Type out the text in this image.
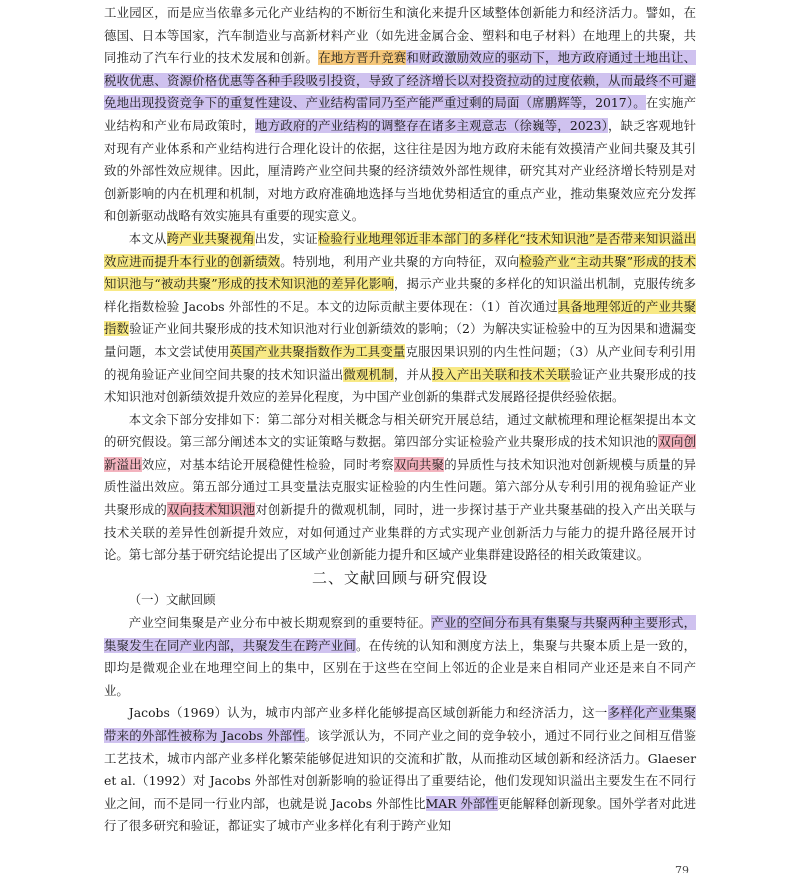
工业园区，而是应当依靠多元化产业结构的不断衍生和演化来提升区域整体创新能力和经济活力。譬如，在德国、日本等国家，汽车制造业与高新材料产业（如先进金属合金、塑料和电子材料）在地理上的共聚，共同推动了汽车行业的技术发展和创新。在地方晋升竞赛和财政激励效应的驱动下，地方政府通过土地出让、税收优惠、资源价格优惠等各种手段吸引投资，导致了经济增长以对投资拉动的过度依赖，从而最终不可避免地出现投资竞争下的重复性建设、产业结构雷同乃至产能严重过剩的局面（席鹏辉等，2017）。在实施产业结构和产业布局政策时，地方政府的产业结构的调整存在诸多主观意志（徐巍等，2023），缺乏客观地针对现有产业体系和产业结构进行合理化设计的依据，这往往是因为地方政府未能有效摸清产业间共聚及其引致的外部性效应规律。因此，厘清跨产业空间共聚的经济绩效外部性规律，研究其对产业经济增长特别是对创新影响的内在机理和机制，对地方政府准确地选择与当地优势相适宜的重点产业，推动集聚效应充分发挥和创新驱动战略有效实施具有重要的现实意义。

本文从跨产业共聚视角出发，实证检验行业地理邻近非本部门的多样化“技术知识池”是否带来知识溢出效应进而提升本行业的创新绩效。特别地，利用产业共聚的方向特征，双向检验产业“主动共聚”形成的技术知识池与“被动共聚”形成的技术知识池的差异化影响，揭示产业共聚的多样化的知识溢出机制，克服传统多样化指数检验 Jacobs 外部性的不足。本文的边际贡献主要体现在：（1）首次通过具备地理邻近的产业共聚指数验证产业间共聚形成的技术知识池对行业创新绩效的影响；（2）为解决实证检验中的互为因果和遗漏变量问题，本文尝试使用英国产业共聚指数作为工具变量克服因果识别的内生性问题；（3）从产业间专利引用的视角验证产业间空间共聚的技术知识溢出微观机制，并从投入产出关联和技术关联验证产业共聚形成的技术知识池对创新绩效提升效应的差异化程度，为中国产业创新的集群式发展路径提供经验依据。

本文余下部分安排如下：第二部分对相关概念与相关研究开展总结，通过文献梳理和理论框架提出本文的研究假设。第三部分阐述本文的实证策略与数据。第四部分实证检验产业共聚形成的技术知识池的双向创新溢出效应，对基本结论开展稳健性检验，同时考察双向共聚的异质性与技术知识池对创新规模与质量的异质性溢出效应。第五部分通过工具变量法克服实证检验的内生性问题。第六部分从专利引用的视角验证产业共聚形成的双向技术知识池对创新提升的微观机制，同时，进一步探讨基于产业共聚基础的投入产出关联与技术关联的差异性创新提升效应，对如何通过产业集群的方式实现产业创新活力与能力的提升路径展开讨论。第七部分基于研究结论提出了区域产业创新能力提升和区域产业集群建设路径的相关政策建议。

二、文献回顾与研究假设

（一）文献回顾

产业空间集聚是产业分布中被长期观察到的重要特征。产业的空间分布具有集聚与共聚两种主要形式，集聚发生在同产业内部，共聚发生在跨产业间。在传统的认知和测度方法上，集聚与共聚本质上是一致的，即均是微观企业在地理空间上的集中，区别在于这些在空间上邻近的企业是来自相同产业还是来自不同产业。

Jacobs（1969）认为，城市内部产业多样化能够提高区域创新能力和经济活力，这一多样化产业集聚带来的外部性被称为 Jacobs 外部性。该学派认为，不同产业之间的竞争较小，通过不同行业之间相互借鉴工艺技术，城市内部产业多样化繁荣能够促进知识的交流和扩散，从而推动区域创新和经济活力。Glaeser et al.（1992）对 Jacobs 外部性对创新影响的验证得出了重要结论，他们发现知识溢出主要发生在不同行业之间，而不是同一行业内部，也就是说 Jacobs 外部性比MAR 外部性更能解释创新现象。国外学者对此进行了很多研究和验证，都证实了城市产业多样化有利于跨产业知

79
